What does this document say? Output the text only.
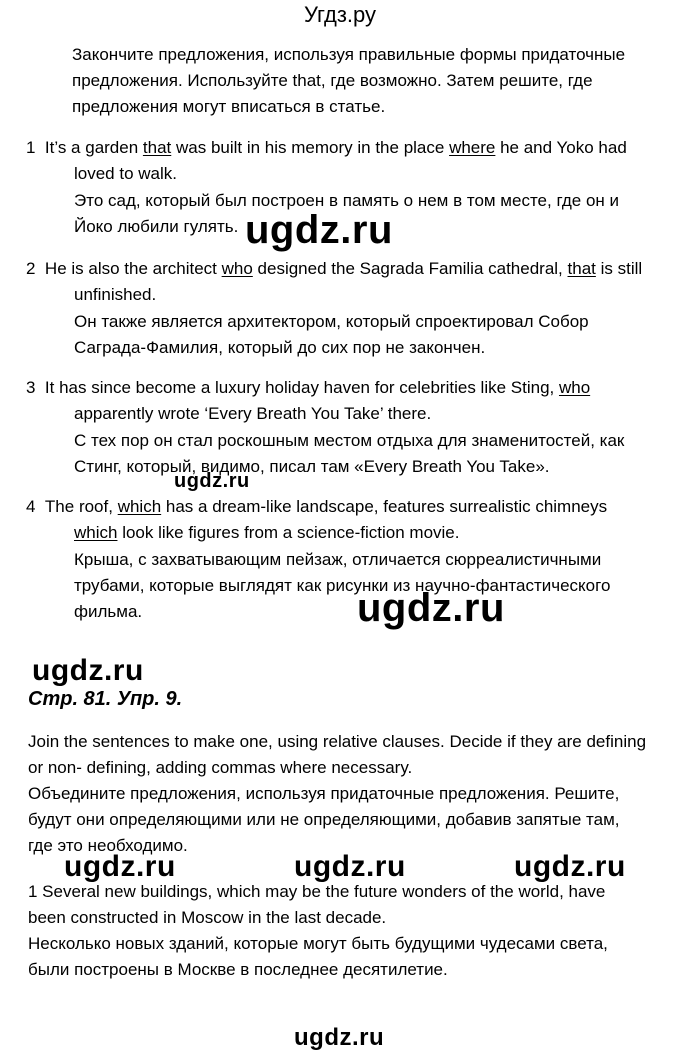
Угдз.ру
Закончите предложения, используя правильные формы придаточные
предложения. Используйте that, где возможно. Затем решите, где
предложения могут вписаться в статье.
1 It’s a garden that was built in his memory in the place where he and Yoko had
loved to walk.
Это сад, который был построен в память о нем в том месте, где он и
Йоко любили гулять. ugdz.ru
2 He is also the architect who designed the Sagrada Familia cathedral, that is still
unfinished.
Он также является архитектором, который спроектировал Собор
Саграда-Фамилия, который до сих пор не закончен.
3 It has since become a luxury holiday haven for celebrities like Sting, who
apparently wrote ‘Every Breath You Take’ there.
С тех пор он стал роскошным местом отдыха для знаменитостей, как
Стинг, который, видимо, писал там «Every Breath You Take».
ugdz.ru
4 The roof, which has a dream-like landscape, features surrealistic chimneys
which look like figures from a science-fiction movie.
Крыша, с захватывающим пейзаж, отличается сюрреалистичными
трубами, которые выглядят как рисунки из научно-фантастического
фильма.	ugdz.ru
ugdz.ru
Стр. 81. Упр. 9.
Join the sentences to make one, using relative clauses. Decide if they are defining
or non- defining, adding commas where necessary.
Объедините предложения, используя придаточные предложения. Решите,
будут они определяющими или не определяющими, добавив запятые там,
где это необходимо.
ugdz.ru	ugdz.ru	ugdz.ru
1 Several new buildings, which may be the future wonders of the world, have
been constructed in Moscow in the last decade.
Несколько новых зданий, которые могут быть будущими чудесами света,
были построены в Москве в последнее десятилетие.
ugdz.ru
